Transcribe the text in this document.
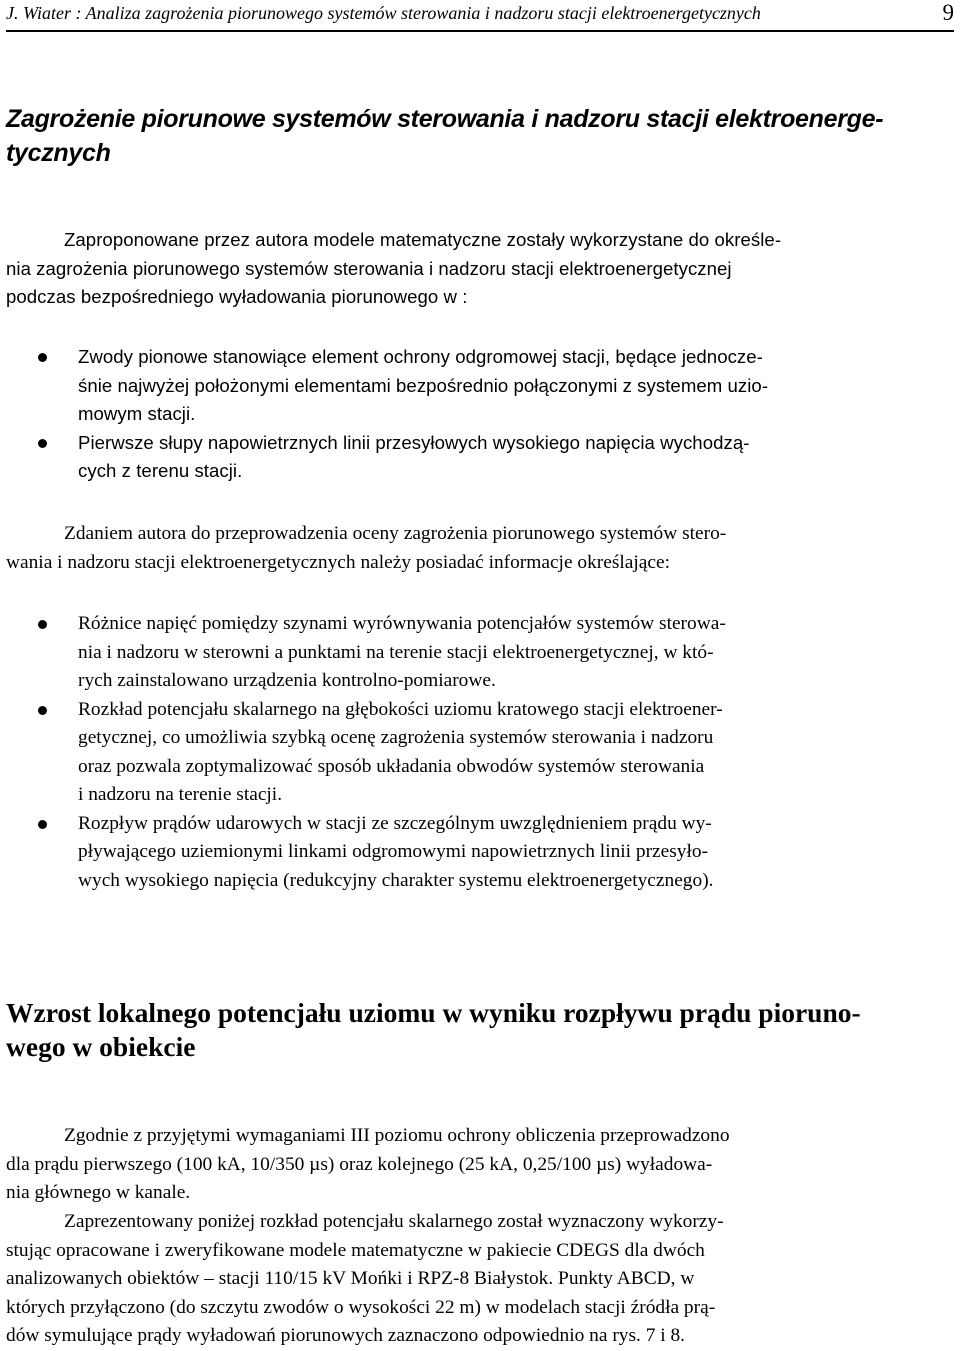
J. Wiater : Analiza zagrożenia piorunowego systemów sterowania i nadzoru stacji elektroenergetycznych	9
Zagrożenie piorunowe systemów sterowania i nadzoru stacji elektroenerge-
tycznych

Zaproponowane przez autora modele matematyczne zostały wykorzystane do określe-
nia zagrożenia piorunowego systemów sterowania i nadzoru stacji elektroenergetycznej
podczas bezpośredniego wyładowania piorunowego w :

Zwody pionowe stanowiące element ochrony odgromowej stacji, będące jednocze-
śnie najwyżej położonymi elementami bezpośrednio połączonymi z systemem uzio-
mowym stacji.
Pierwsze słupy napowietrznych linii przesyłowych wysokiego napięcia wychodzą-
cych z terenu stacji.

Zdaniem autora do przeprowadzenia oceny zagrożenia piorunowego systemów stero-
wania i nadzoru stacji elektroenergetycznych należy posiadać informacje określające:

Różnice napięć pomiędzy szynami wyrównywania potencjałów systemów sterowa-
nia i nadzoru w sterowni a punktami na terenie stacji elektroenergetycznej, w któ-
rych zainstalowano urządzenia kontrolno-pomiarowe.
Rozkład potencjału skalarnego na głębokości uziomu kratowego stacji elektroener-
getycznej, co umożliwia szybką ocenę zagrożenia systemów sterowania i nadzoru
oraz pozwala zoptymalizować sposób układania obwodów systemów sterowania
i nadzoru na terenie stacji.
Rozpływ prądów udarowych w stacji ze szczególnym uwzględnieniem prądu wy-
pływającego uziemionymi linkami odgromowymi napowietrznych linii przesyło-
wych wysokiego napięcia (redukcyjny charakter systemu elektroenergetycznego).
Wzrost lokalnego potencjału uziomu w wyniku rozpływu prądu pioruno-
wego w obiekcie

Zgodnie z przyjętymi wymaganiami III poziomu ochrony obliczenia przeprowadzono
dla prądu pierwszego (100 kA, 10/350 µs) oraz kolejnego (25 kA, 0,25/100 µs) wyładowa-
nia głównego w kanale.

Zaprezentowany poniżej rozkład potencjału skalarnego został wyznaczony wykorzy-
stując opracowane i zweryfikowane modele matematyczne w pakiecie CDEGS dla dwóch
analizowanych obiektów – stacji 110/15 kV Mońki i RPZ-8 Białystok. Punkty ABCD, w
których przyłączono (do szczytu zwodów o wysokości 22 m) w modelach stacji źródła prą-
dów symulujące prądy wyładowań piorunowych zaznaczono odpowiednio na rys. 7 i 8.
